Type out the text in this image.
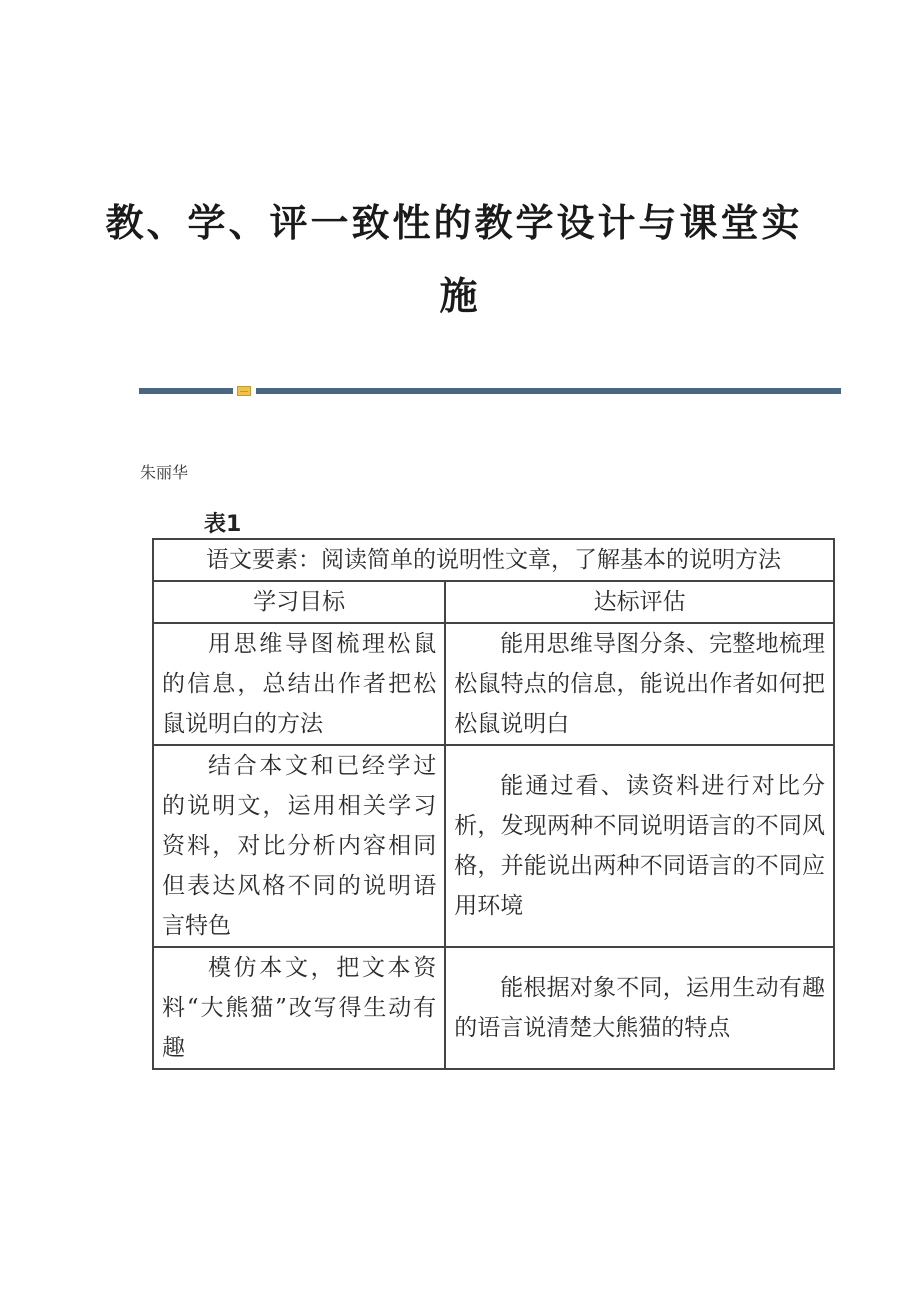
教、学、评一致性的教学设计与课堂实
施
朱丽华
表1
语文要素：阅读简单的说明性文章，了解基本的说明方法	
学习目标	达标评估
用思维导图梳理松鼠的信息，总结出作者把松鼠说明白的方法	能用思维导图分条、完整地梳理松鼠特点的信息，能说出作者如何把松鼠说明白
结合本文和已经学过的说明文，运用相关学习资料，对比分析内容相同但表达风格不同的说明语言特色	能通过看、读资料进行对比分析，发现两种不同说明语言的不同风格，并能说出两种不同语言的不同应用环境
模仿本文，把文本资料“大熊猫”改写得生动有趣	能根据对象不同，运用生动有趣的语言说清楚大熊猫的特点
